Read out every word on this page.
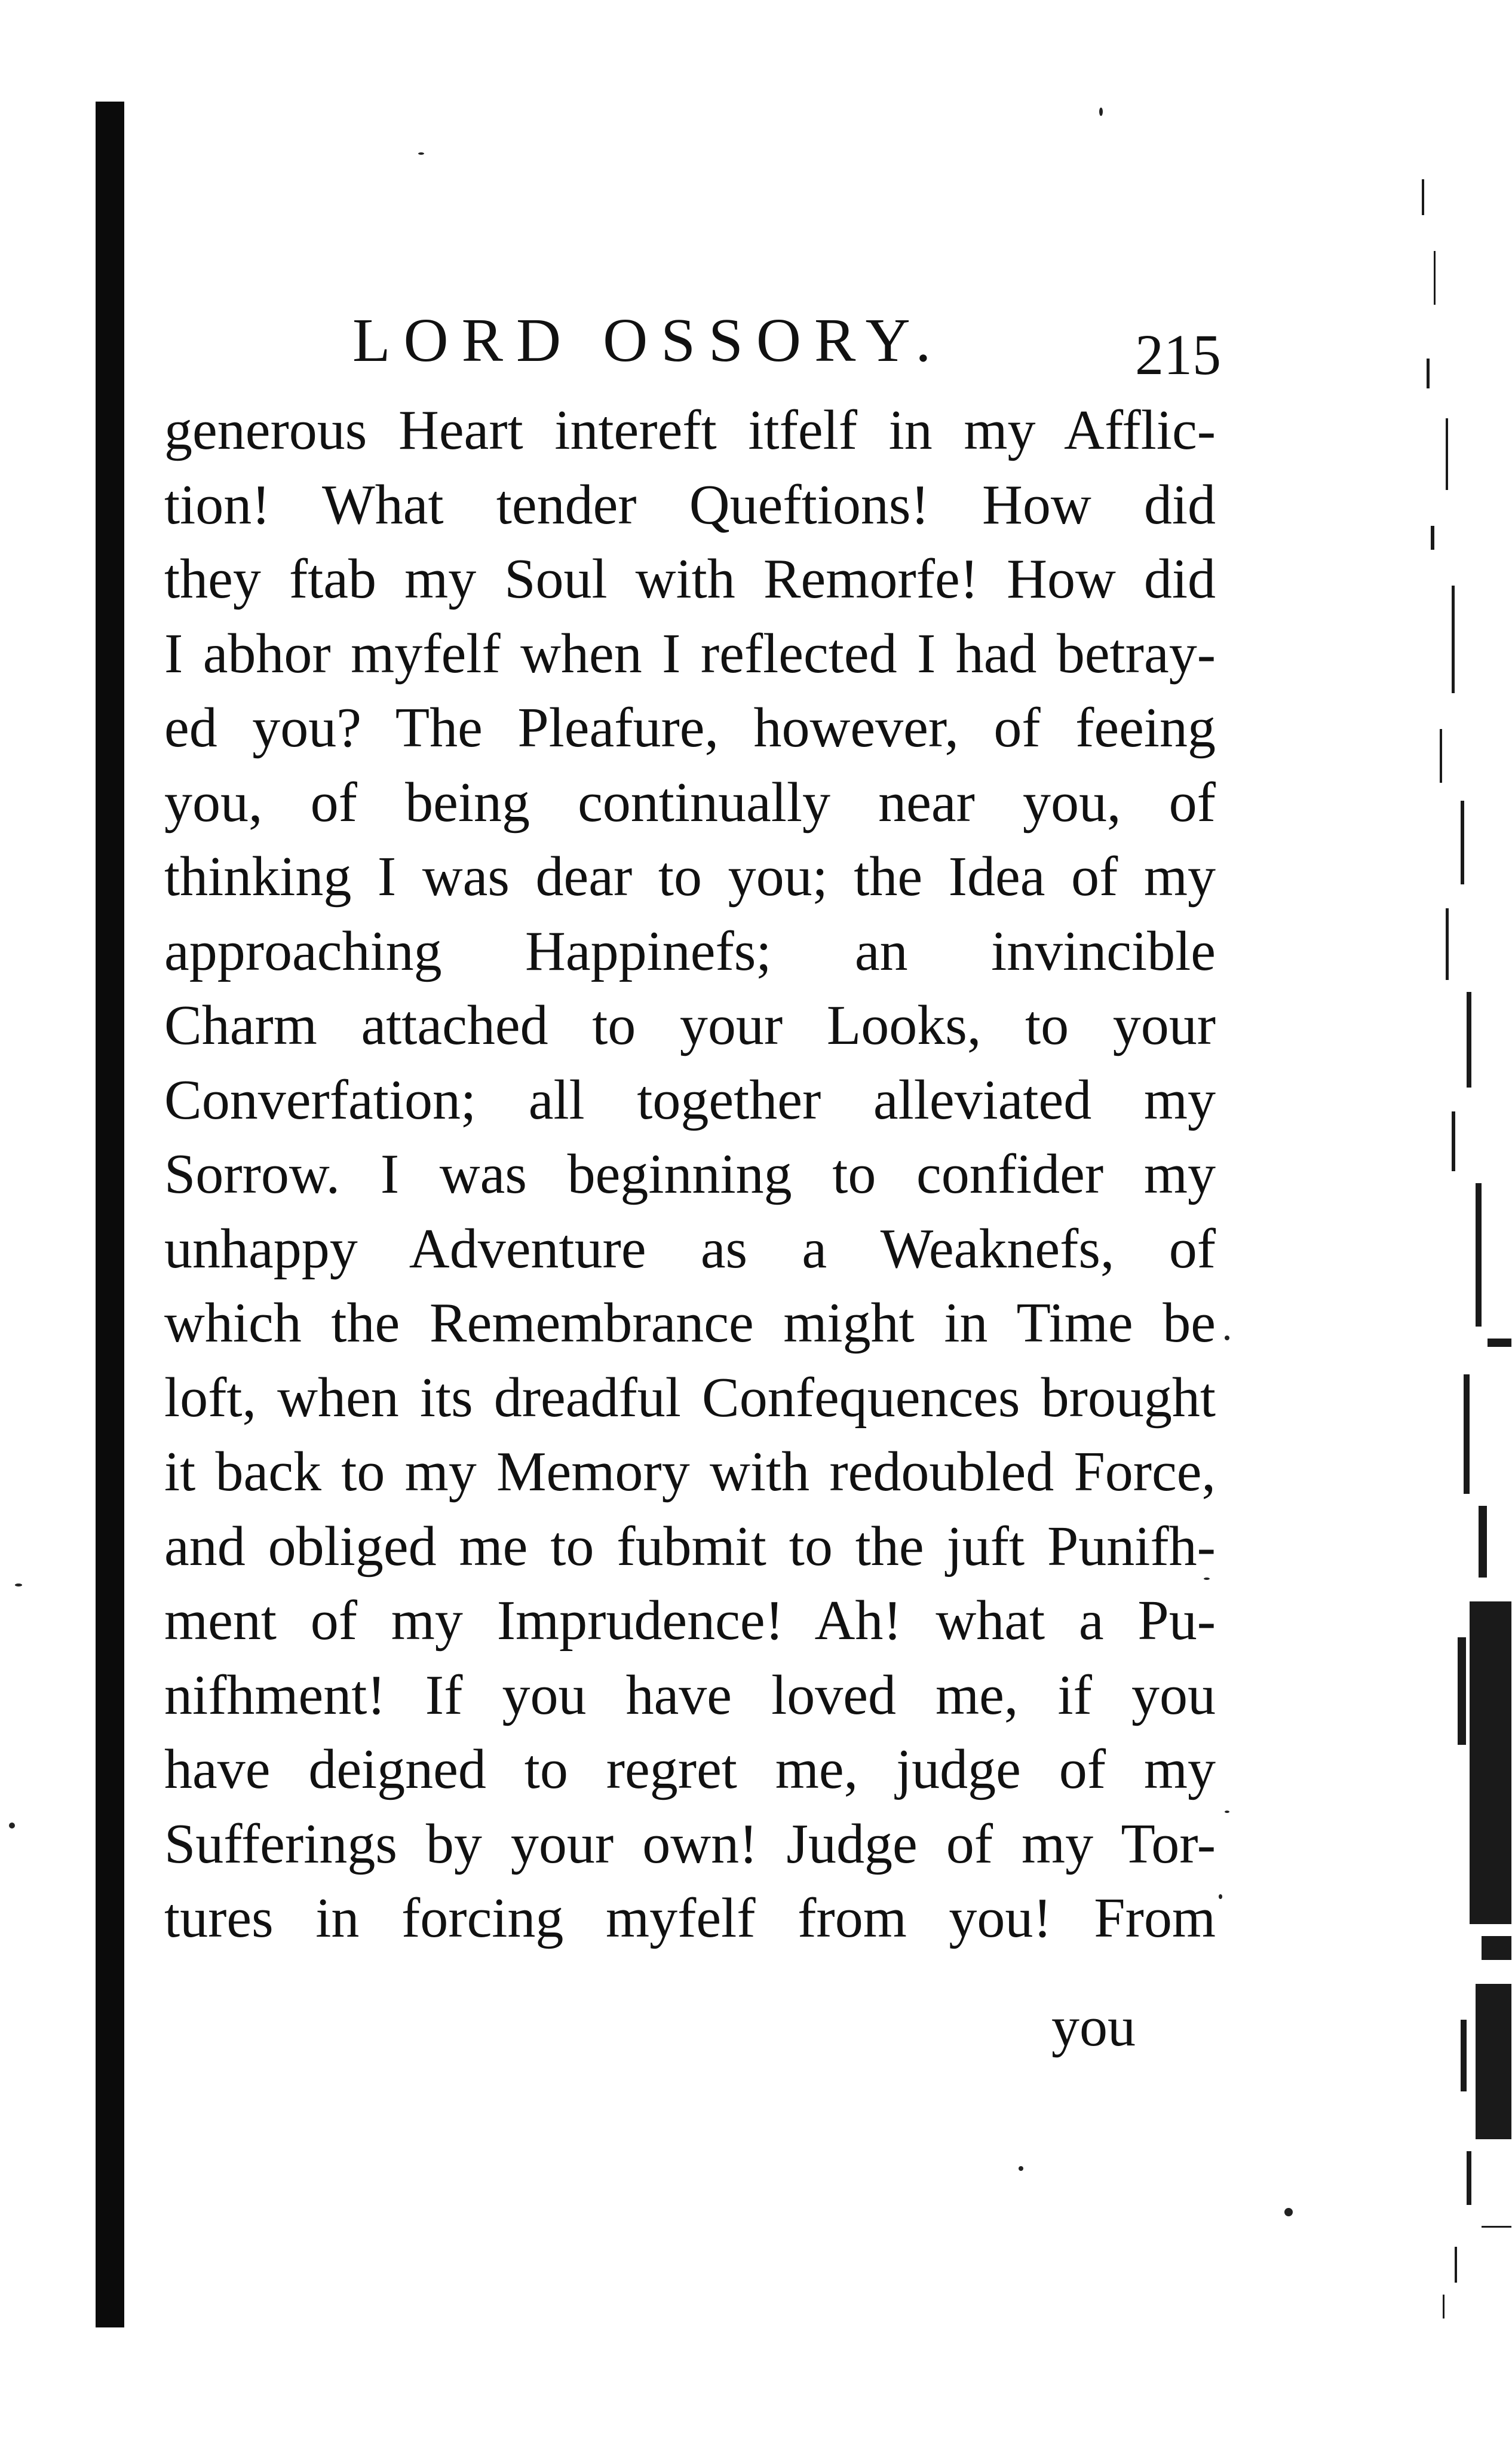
LORD OSSORY.	215
generous Heart intereft itfelf in my Afflic-
tion! What tender Queftions! How did
they ftab my Soul with Remorfe! How did
I abhor myfelf when I reflected I had betray-
ed you? The Pleafure, however, of feeing
you, of being continually near you, of
thinking I was dear to you; the Idea of my
approaching Happinefs; an invincible
Charm attached to your Looks, to your
Converfation; all together alleviated my
Sorrow. I was beginning to confider my
unhappy Adventure as a Weaknefs, of
which the Remembrance might in Time be
loft, when its dreadful Confequences brought
it back to my Memory with redoubled Force,
and obliged me to fubmit to the juft Punifh-
ment of my Imprudence! Ah! what a Pu-
nifhment! If you have loved me, if you
have deigned to regret me, judge of my
Sufferings by your own! Judge of my Tor-
tures in forcing myfelf from you! From
you
